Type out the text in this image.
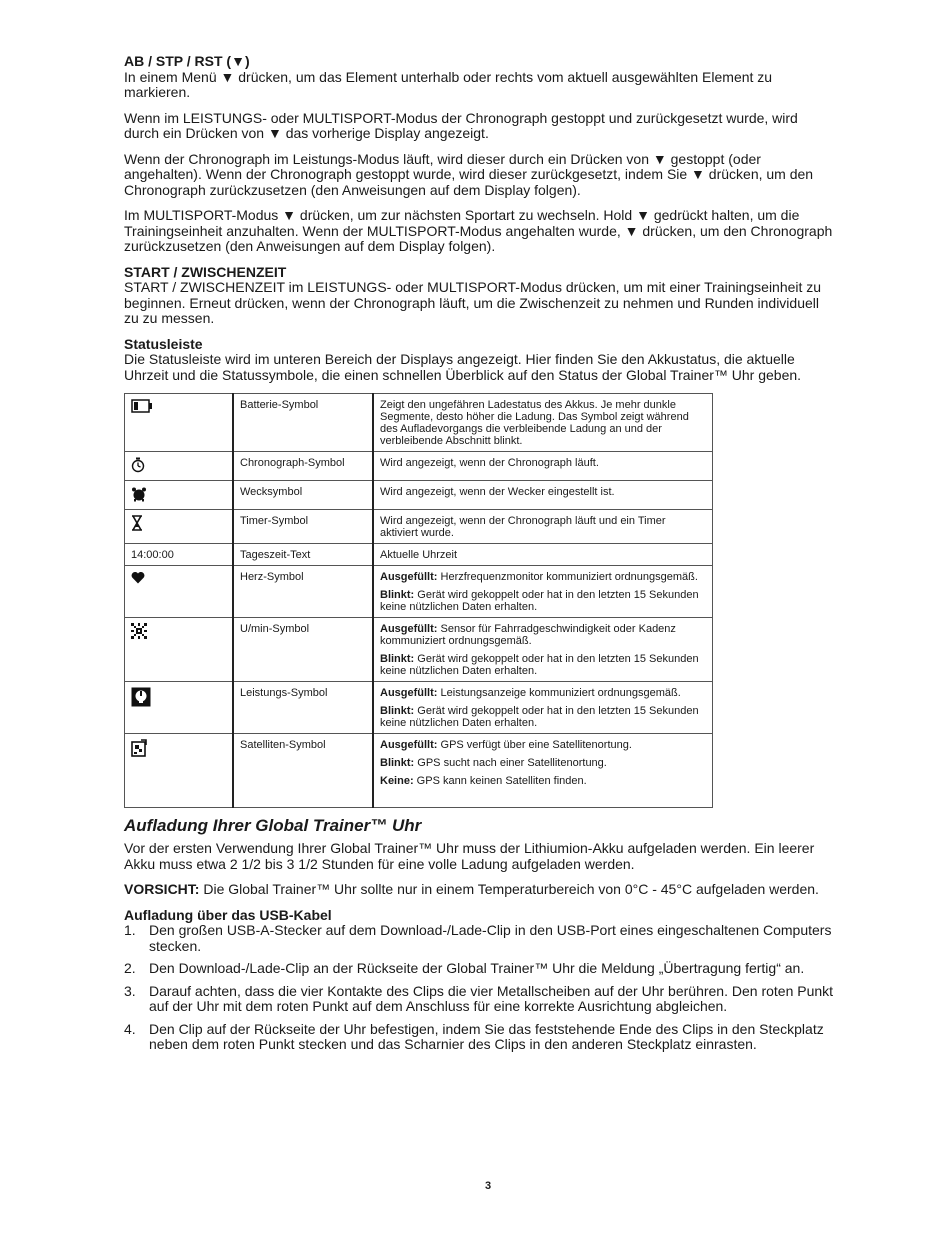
AB / STP / RST (▼)

In einem Menü ▼ drücken, um das Element unterhalb oder rechts vom aktuell ausgewählten Element zu markieren.

Wenn im LEISTUNGS- oder MULTISPORT-Modus der Chronograph gestoppt und zurückgesetzt wurde, wird durch ein Drücken von ▼ das vorherige Display angezeigt.

Wenn der Chronograph im Leistungs-Modus läuft, wird dieser durch ein Drücken von ▼ gestoppt (oder angehalten). Wenn der Chronograph gestoppt wurde, wird dieser zurückgesetzt, indem Sie ▼ drücken, um den Chronograph zurückzusetzen (den Anweisungen auf dem Display folgen).

Im MULTISPORT-Modus ▼ drücken, um zur nächsten Sportart zu wechseln. Hold ▼ gedrückt halten, um die Trainingseinheit anzuhalten. Wenn der MULTISPORT-Modus angehalten wurde, ▼ drücken, um den Chronograph zurückzusetzen (den Anweisungen auf dem Display folgen).

START / ZWISCHENZEIT

START / ZWISCHENZEIT im LEISTUNGS- oder MULTISPORT-Modus drücken, um mit einer Trainingseinheit zu beginnen. Erneut drücken, wenn der Chronograph läuft, um die Zwischenzeit zu nehmen und Runden individuell zu zu messen.

Statusleiste

Die Statusleiste wird im unteren Bereich der Displays angezeigt. Hier finden Sie den Akkustatus, die aktuelle Uhrzeit und die Statussymbole, die einen schnellen Überblick auf den Status der Global Trainer™ Uhr geben.

	Batterie-Symbol	Zeigt den ungefähren Ladestatus des Akkus. Je mehr dunkle Segmente, desto höher die Ladung. Das Symbol zeigt während des Aufladevorgangs die verbleibende Ladung an und der verbleibende Abschnitt blinkt.

	Chronograph-Symbol	Wird angezeigt, wenn der Chronograph läuft.

	Wecksymbol	Wird angezeigt, wenn der Wecker eingestellt ist.

	Timer-Symbol	Wird angezeigt, wenn der Chronograph läuft und ein Timer aktiviert wurde.

14:00:00	Tageszeit-Text	Aktuelle Uhrzeit

	Herz-Symbol	Ausgefüllt: Herzfrequenzmonitor kommuniziert ordnungsgemäß.
Blinkt: Gerät wird gekoppelt oder hat in den letzten 15 Sekunden keine nützlichen Daten erhalten.

	U/min-Symbol	Ausgefüllt: Sensor für Fahrradgeschwindigkeit oder Kadenz kommuniziert ordnungsgemäß.
Blinkt: Gerät wird gekoppelt oder hat in den letzten 15 Sekunden keine nützlichen Daten erhalten.

	Leistungs-Symbol	Ausgefüllt: Leistungsanzeige kommuniziert ordnungsgemäß.
Blinkt: Gerät wird gekoppelt oder hat in den letzten 15 Sekunden keine nützlichen Daten erhalten.

	Satelliten-Symbol	Ausgefüllt: GPS verfügt über eine Satellitenortung.
Blinkt: GPS sucht nach einer Satellitenortung.
Keine: GPS kann keinen Satelliten finden.
Aufladung Ihrer Global Trainer™ Uhr

Vor der ersten Verwendung Ihrer Global Trainer™ Uhr muss der Lithiumion-Akku aufgeladen werden. Ein leerer Akku muss etwa 2 1/2 bis 3 1/2 Stunden für eine volle Ladung aufgeladen werden.

VORSICHT: Die Global Trainer™ Uhr sollte nur in einem Temperaturbereich von 0°C - 45°C aufgeladen werden.

Aufladung über das USB-Kabel

1. Den großen USB-A-Stecker auf dem Download-/Lade-Clip in den USB-Port eines eingeschaltenen Computers stecken.
2. Den Download-/Lade-Clip an der Rückseite der Global Trainer™ Uhr die Meldung „Übertragung fertig“ an.
3. Darauf achten, dass die vier Kontakte des Clips die vier Metallscheiben auf der Uhr berühren. Den roten Punkt auf der Uhr mit dem roten Punkt auf dem Anschluss für eine korrekte Ausrichtung abgleichen.
4. Den Clip auf der Rückseite der Uhr befestigen, indem Sie das feststehende Ende des Clips in den Steckplatz neben dem roten Punkt stecken und das Scharnier des Clips in den anderen Steckplatz einrasten.
3
